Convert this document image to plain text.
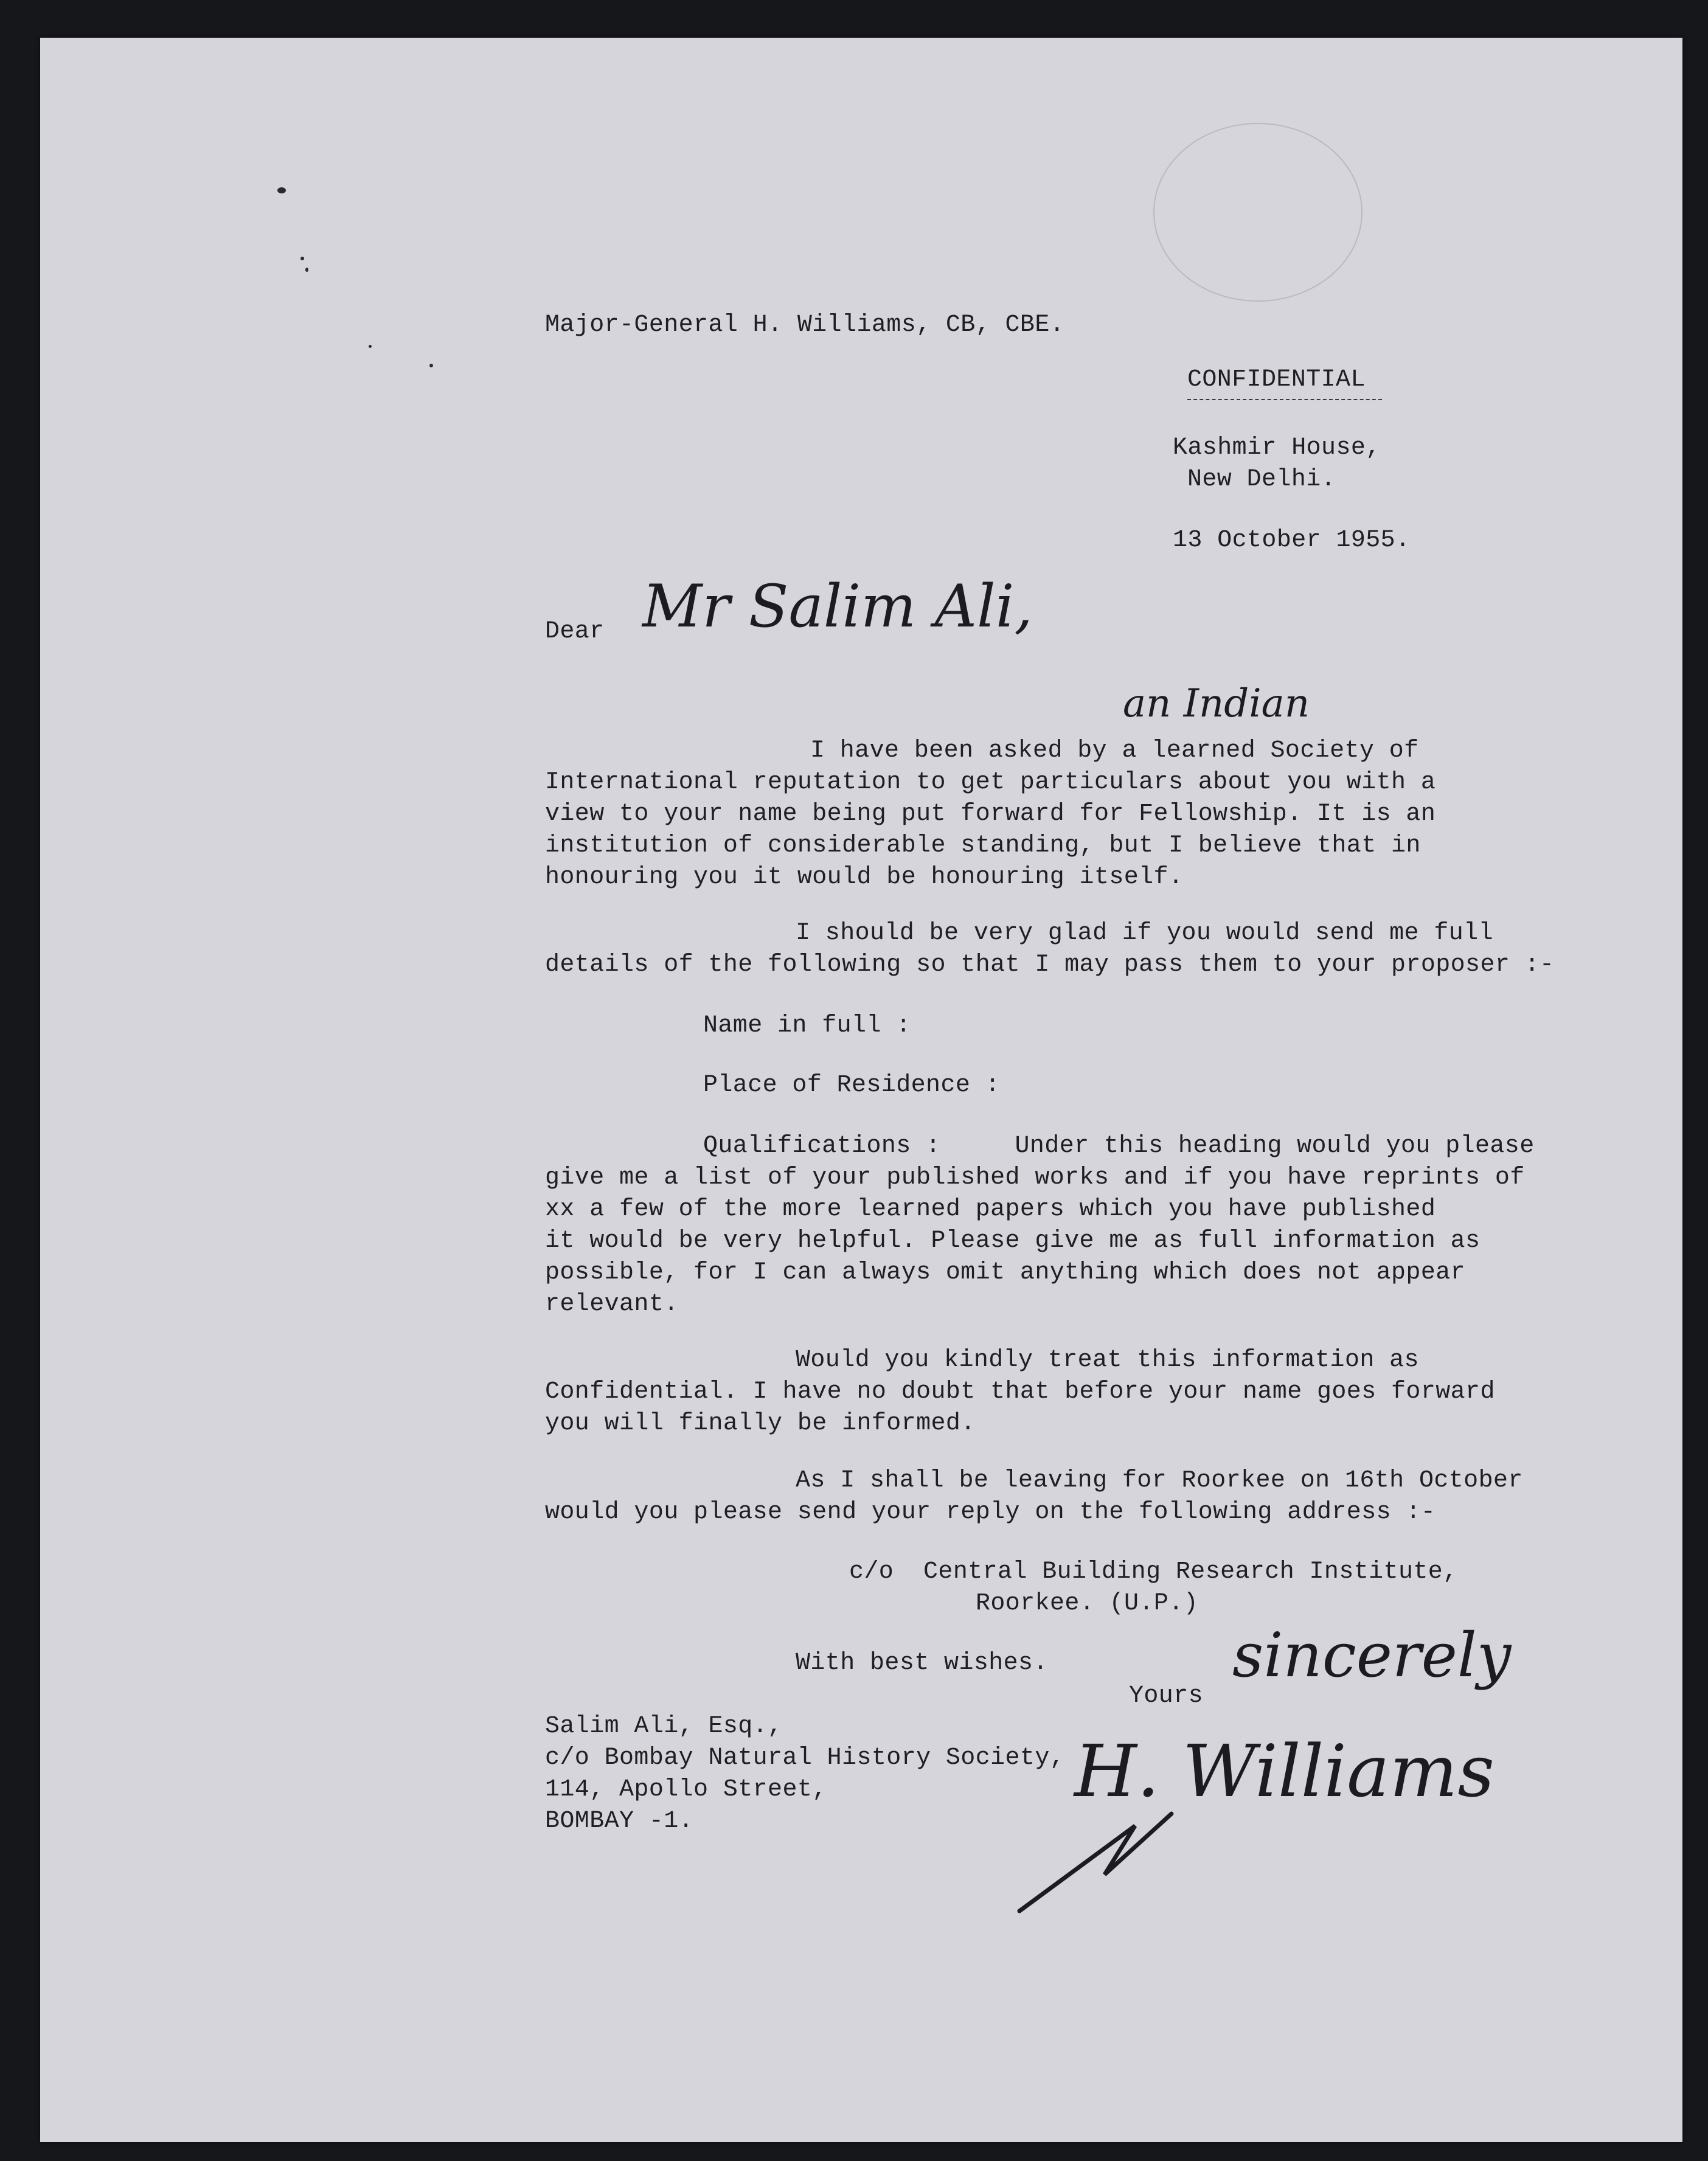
Major-General H. Williams, CB, CBE.
CONFIDENTIAL
Kashmir House,
New Delhi.
13 October 1955.
Dear Mr Salim Ali,
an Indian
I have been asked by a learned Society of
International reputation to get particulars about you with a
view to your name being put forward for Fellowship. It is an
institution of considerable standing, but I believe that in
honouring you it would be honouring itself.
I should be very glad if you would send me full
details of the following so that I may pass them to your proposer :-
Name in full :
Place of Residence :
Qualifications :     Under this heading would you please
give me a list of your published works and if you have reprints of
xx a few of the more learned papers which you have published
it would be very helpful. Please give me as full information as
possible, for I can always omit anything which does not appear
relevant.
Would you kindly treat this information as
Confidential. I have no doubt that before your name goes forward
you will finally be informed.
As I shall be leaving for Roorkee on 16th October
would you please send your reply on the following address :-
c/o  Central Building Research Institute,
Roorkee. (U.P.)
With best wishes.
Yours
sincerely
H. Williams
Salim Ali, Esq.,
c/o Bombay Natural History Society,
114, Apollo Street,
BOMBAY -1.
